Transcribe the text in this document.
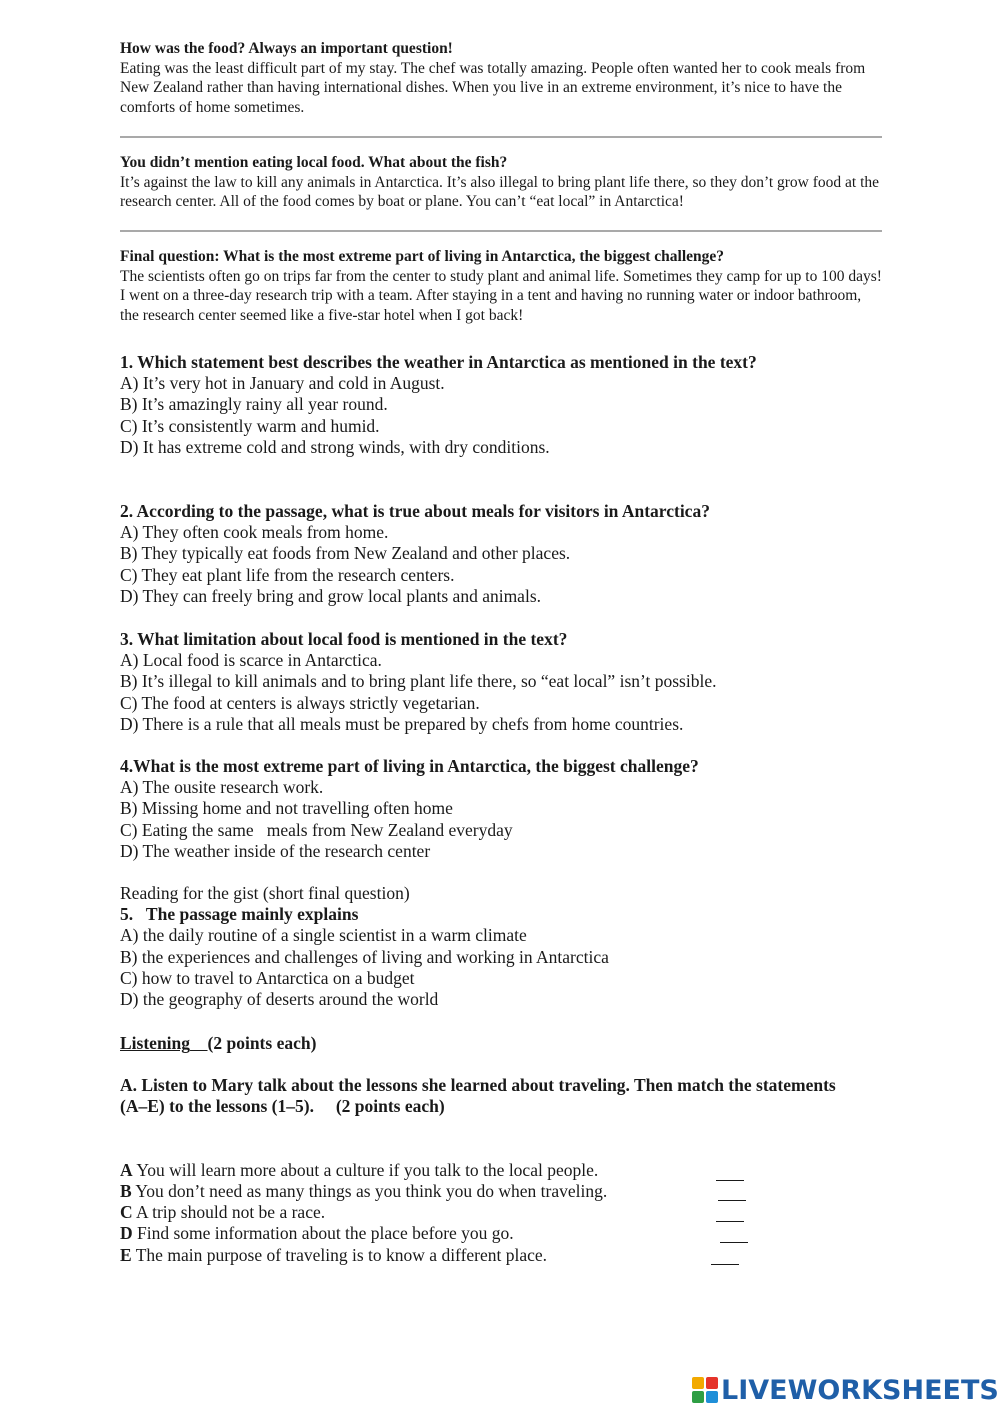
How was the food? Always an important question!
Eating was the least difficult part of my stay. The chef was totally amazing. People often wanted her to cook meals from New Zealand rather than having international dishes. When you live in an extreme environment, it’s nice to have the comforts of home sometimes.
You didn’t mention eating local food. What about the fish?
It’s against the law to kill any animals in Antarctica. It’s also illegal to bring plant life there, so they don’t grow food at the research center. All of the food comes by boat or plane. You can’t “eat local” in Antarctica!
Final question: What is the most extreme part of living in Antarctica, the biggest challenge?
The scientists often go on trips far from the center to study plant and animal life. Sometimes they camp for up to 100 days! I went on a three-day research trip with a team. After staying in a tent and having no running water or indoor bathroom, the research center seemed like a five-star hotel when I got back!
1. Which statement best describes the weather in Antarctica as mentioned in the text?
A) It’s very hot in January and cold in August.
B) It’s amazingly rainy all year round.
C) It’s consistently warm and humid.
D) It has extreme cold and strong winds, with dry conditions.
2. According to the passage, what is true about meals for visitors in Antarctica?
A) They often cook meals from home.
B) They typically eat foods from New Zealand and other places.
C) They eat plant life from the research centers.
D) They can freely bring and grow local plants and animals.
3. What limitation about local food is mentioned in the text?
A) Local food is scarce in Antarctica.
B) It’s illegal to kill animals and to bring plant life there, so “eat local” isn’t possible.
C) The food at centers is always strictly vegetarian.
D) There is a rule that all meals must be prepared by chefs from home countries.
4.What is the most extreme part of living in Antarctica, the biggest challenge?
A) The ousite research work.
B) Missing home and not travelling often home
C) Eating the same   meals from New Zealand everyday
D) The weather inside of the research center
Reading for the gist (short final question)
5.   The passage mainly explains
A) the daily routine of a single scientist in a warm climate
B) the experiences and challenges of living and working in Antarctica
C) how to travel to Antarctica on a budget
D) the geography of deserts around the world
Listening (2 points each)
A. Listen to Mary talk about the lessons she learned about traveling. Then match the statements
(A–E) to the lessons (1–5).     (2 points each)
A You will learn more about a culture if you talk to the local people.
B You don’t need as many things as you think you do when traveling.
C A trip should not be a race.
D Find some information about the place before you go.
E The main purpose of traveling is to know a different place.
LIVEWORKSHEETS
